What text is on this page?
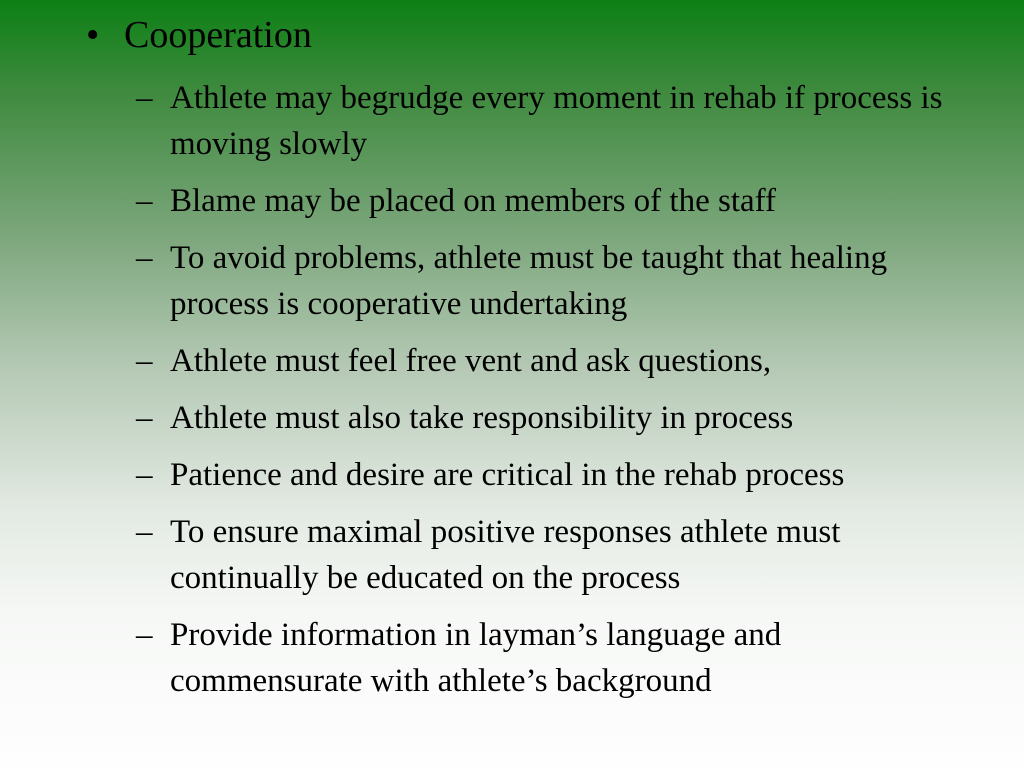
• Cooperation
– Athlete may begrudge every moment in rehab if process is moving slowly
– Blame may be placed on members of the staff
– To avoid problems, athlete must be taught that healing process is cooperative undertaking
– Athlete must feel free vent and ask questions,
– Athlete must also take responsibility in process
– Patience and desire are critical in the rehab process
– To ensure maximal positive responses athlete must continually be educated on the process
– Provide information in layman’s language and commensurate with athlete’s background
